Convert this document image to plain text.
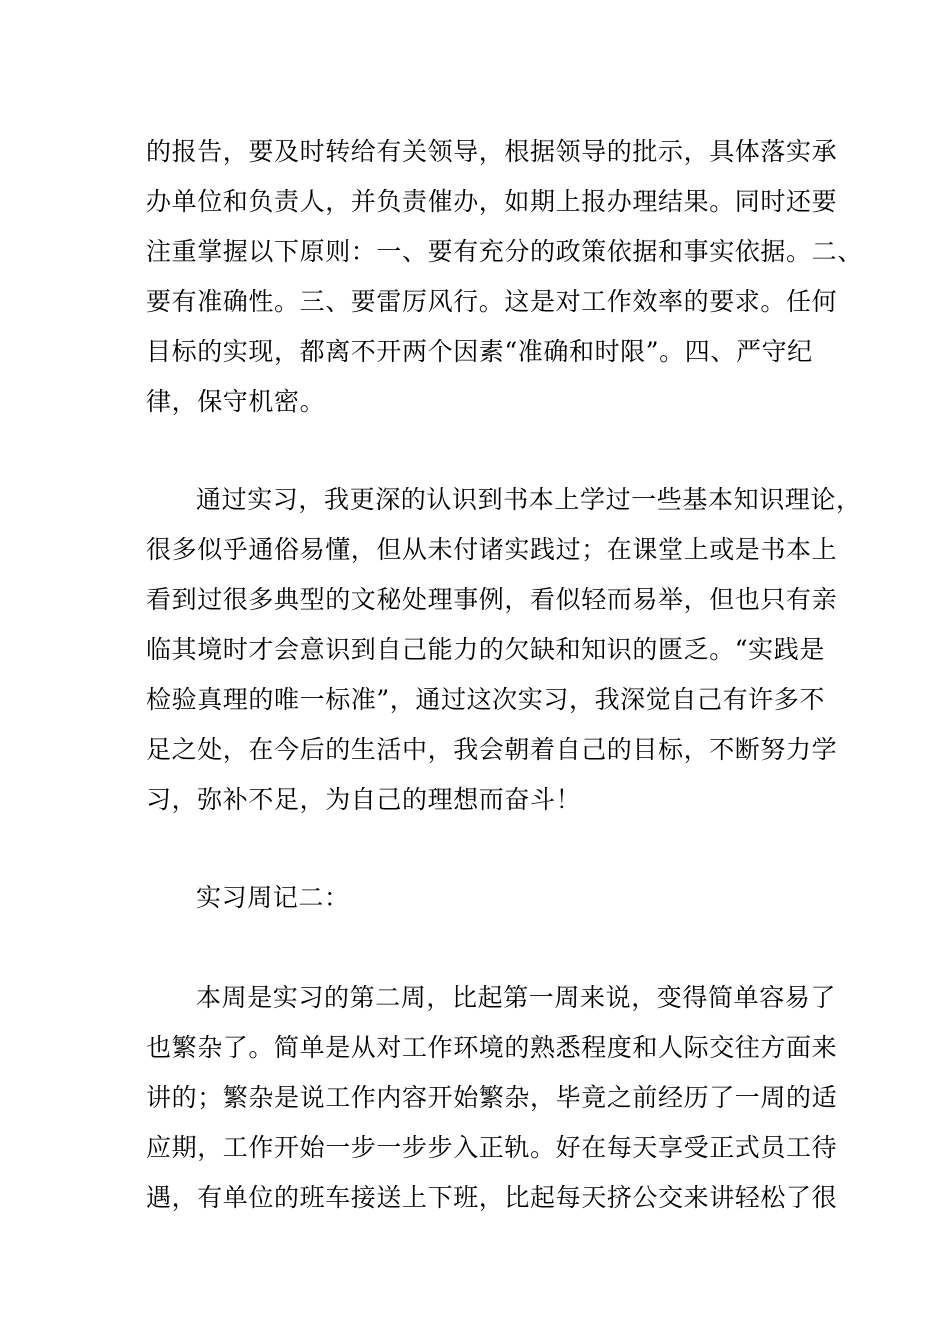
的报告，要及时转给有关领导，根据领导的批示，具体落实承
办单位和负责人，并负责催办，如期上报办理结果。同时还要
注重掌握以下原则：一、要有充分的政策依据和事实依据。二、
要有准确性。三、要雷厉风行。这是对工作效率的要求。任何
目标的实现，都离不开两个因素“准确和时限”。四、严守纪
律，保守机密。
通过实习，我更深的认识到书本上学过一些基本知识理论，
很多似乎通俗易懂，但从未付诸实践过；在课堂上或是书本上
看到过很多典型的文秘处理事例，看似轻而易举，但也只有亲
临其境时才会意识到自己能力的欠缺和知识的匮乏。“实践是
检验真理的唯一标准”，通过这次实习，我深觉自己有许多不
足之处，在今后的生活中，我会朝着自己的目标，不断努力学
习，弥补不足，为自己的理想而奋斗！
实习周记二：
本周是实习的第二周，比起第一周来说，变得简单容易了
也繁杂了。简单是从对工作环境的熟悉程度和人际交往方面来
讲的；繁杂是说工作内容开始繁杂，毕竟之前经历了一周的适
应期，工作开始一步一步步入正轨。好在每天享受正式员工待
遇，有单位的班车接送上下班，比起每天挤公交来讲轻松了很
